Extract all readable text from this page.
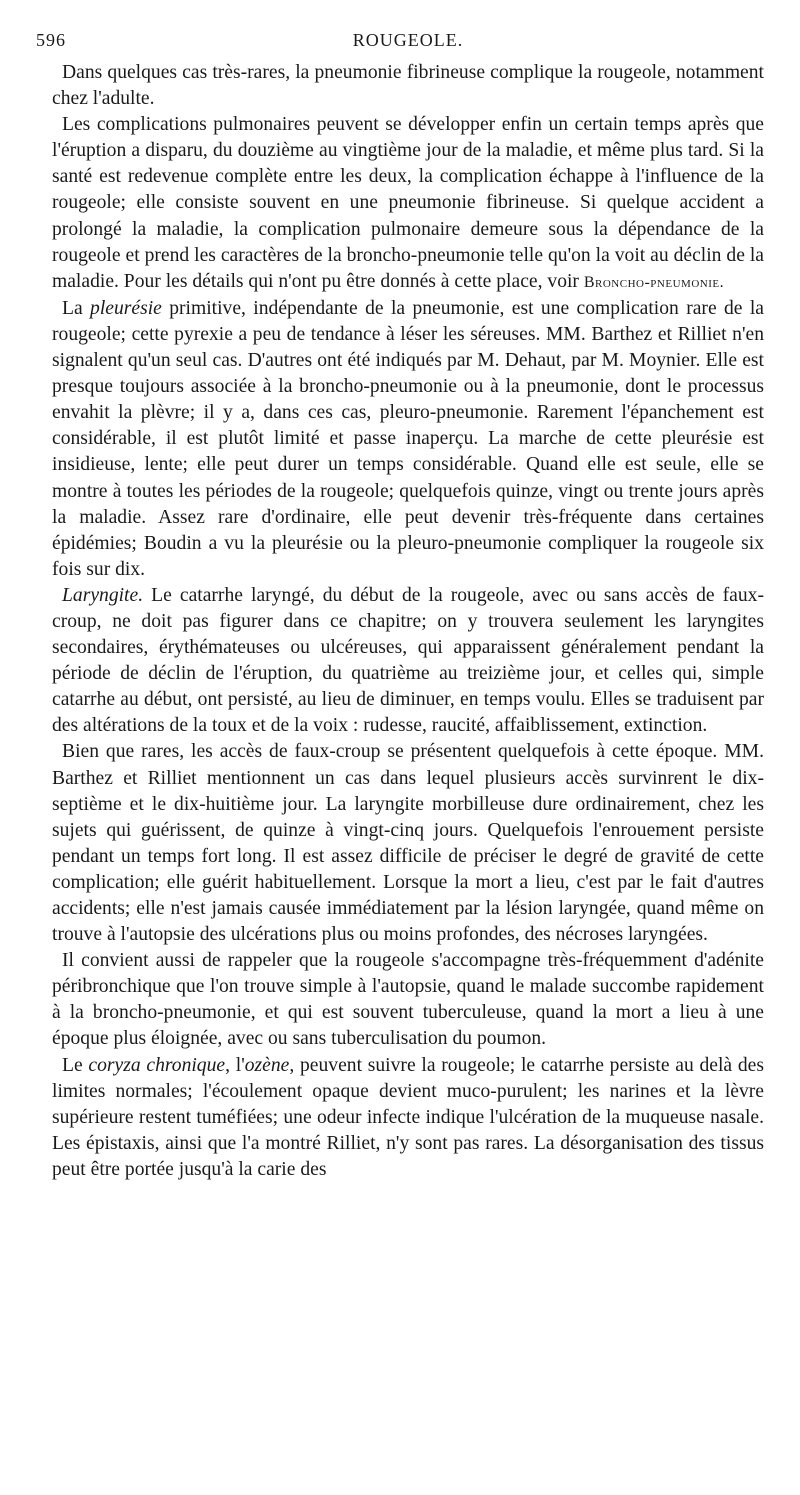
596	ROUGEOLE.

Dans quelques cas très-rares, la pneumonie fibrineuse complique la rougeole, notamment chez l'adulte.

Les complications pulmonaires peuvent se développer enfin un certain temps après que l'éruption a disparu, du douzième au vingtième jour de la maladie, et même plus tard. Si la santé est redevenue complète entre les deux, la complication échappe à l'influence de la rougeole; elle consiste souvent en une pneumonie fibrineuse. Si quelque accident a prolongé la maladie, la complication pulmonaire demeure sous la dépendance de la rougeole et prend les caractères de la broncho-pneumonie telle qu'on la voit au déclin de la maladie. Pour les détails qui n'ont pu être donnés à cette place, voir Broncho-pneumonie.

La pleurésie primitive, indépendante de la pneumonie, est une complication rare de la rougeole; cette pyrexie a peu de tendance à léser les séreuses. MM. Barthez et Rilliet n'en signalent qu'un seul cas. D'autres ont été indiqués par M. Dehaut, par M. Moynier. Elle est presque toujours associée à la broncho-pneumonie ou à la pneumonie, dont le processus envahit la plèvre; il y a, dans ces cas, pleuro-pneumonie. Rarement l'épanchement est considérable, il est plutôt limité et passe inaperçu. La marche de cette pleurésie est insidieuse, lente; elle peut durer un temps considérable. Quand elle est seule, elle se montre à toutes les périodes de la rougeole; quelquefois quinze, vingt ou trente jours après la maladie. Assez rare d'ordinaire, elle peut devenir très-fréquente dans certaines épidémies; Boudin a vu la pleurésie ou la pleuro-pneumonie compliquer la rougeole six fois sur dix.

Laryngite. Le catarrhe laryngé, du début de la rougeole, avec ou sans accès de faux-croup, ne doit pas figurer dans ce chapitre; on y trouvera seulement les laryngites secondaires, érythémateuses ou ulcéreuses, qui apparaissent généralement pendant la période de déclin de l'éruption, du quatrième au treizième jour, et celles qui, simple catarrhe au début, ont persisté, au lieu de diminuer, en temps voulu. Elles se traduisent par des altérations de la toux et de la voix : rudesse, raucité, affaiblissement, extinction.

Bien que rares, les accès de faux-croup se présentent quelquefois à cette époque. MM. Barthez et Rilliet mentionnent un cas dans lequel plusieurs accès survinrent le dix-septième et le dix-huitième jour. La laryngite morbilleuse dure ordinairement, chez les sujets qui guérissent, de quinze à vingt-cinq jours. Quelquefois l'enrouement persiste pendant un temps fort long. Il est assez difficile de préciser le degré de gravité de cette complication; elle guérit habituellement. Lorsque la mort a lieu, c'est par le fait d'autres accidents; elle n'est jamais causée immédiatement par la lésion laryngée, quand même on trouve à l'autopsie des ulcérations plus ou moins profondes, des nécroses laryngées.

Il convient aussi de rappeler que la rougeole s'accompagne très-fréquemment d'adénite péribronchique que l'on trouve simple à l'autopsie, quand le malade succombe rapidement à la broncho-pneumonie, et qui est souvent tuberculeuse, quand la mort a lieu à une époque plus éloignée, avec ou sans tuberculisation du poumon.

Le coryza chronique, l'ozène, peuvent suivre la rougeole; le catarrhe persiste au delà des limites normales; l'écoulement opaque devient muco-purulent; les narines et la lèvre supérieure restent tuméfiées; une odeur infecte indique l'ulcération de la muqueuse nasale. Les épistaxis, ainsi que l'a montré Rilliet, n'y sont pas rares. La désorganisation des tissus peut être portée jusqu'à la carie des
